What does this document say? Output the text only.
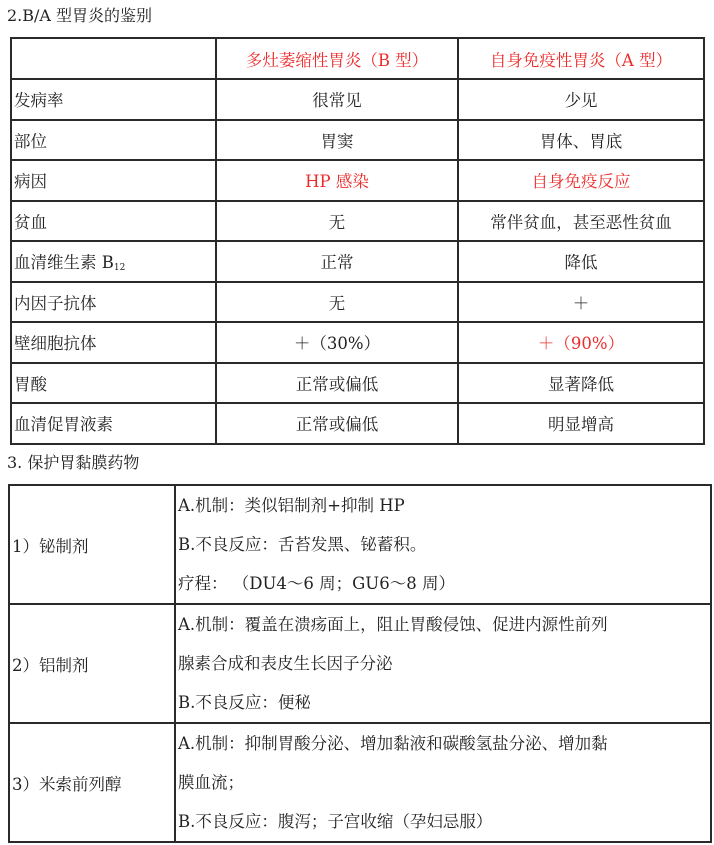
2.B/A 型胃炎的鉴别
	多灶萎缩性胃炎（B 型）	自身免疫性胃炎（A 型）
发病率	很常见	少见
部位	胃窦	胃体、胃底
病因	HP 感染	自身免疫反应
贫血	无	常伴贫血，甚至恶性贫血
血清维生素 $B_{12}$	正常	降低
内因子抗体	无	＋
壁细胞抗体	＋（30%）	＋（90%）
胃酸	正常或偏低	显著降低
血清促胃液素	正常或偏低	明显增高
3. 保护胃黏膜药物
1）铋制剂	A.机制：类似铝制剂+抑制 HP
B.不良反应：舌苔发黑、铋蓄积。
疗程： （DU4～6 周；GU6～8 周）

2）铝制剂	A.机制：覆盖在溃疡面上，阻止胃酸侵蚀、促进内源性前列
腺素合成和表皮生长因子分泌
B.不良反应：便秘

3）米索前列醇	A.机制：抑制胃酸分泌、增加黏液和碳酸氢盐分泌、增加黏
膜血流；
B.不良反应：腹泻；子宫收缩（孕妇忌服）
